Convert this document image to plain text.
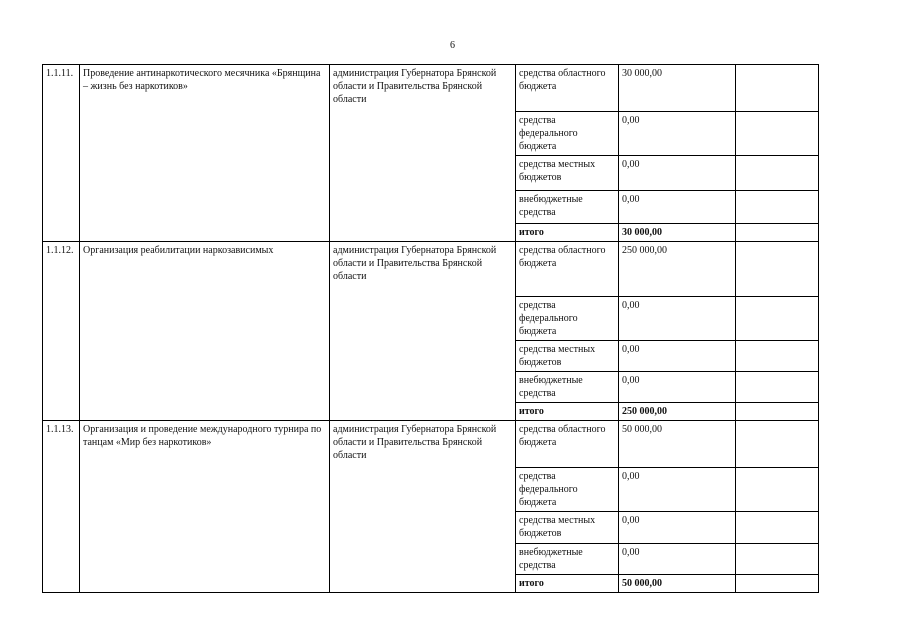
6
1.1.11.	Проведение антинаркотического месячника «Брянщина – жизнь без наркотиков»	администрация Губернатора Брянской области и Правительства Брянской области	средства областного бюджета	30 000,00	
			средства федерального бюджета	0,00	
			средства местных бюджетов	0,00	
			внебюджетные средства	0,00	
			итого	30 000,00	
1.1.12.	Организация реабилитации наркозависимых	администрация Губернатора Брянской области и Правительства Брянской области	средства областного бюджета	250 000,00	
			средства федерального бюджета	0,00	
			средства местных бюджетов	0,00	
			внебюджетные средства	0,00	
			итого	250 000,00	
1.1.13.	Организация и проведение международного турнира по танцам «Мир без наркотиков»	администрация Губернатора Брянской области и Правительства Брянской области	средства областного бюджета	50 000,00	
			средства федерального бюджета	0,00	
			средства местных бюджетов	0,00	
			внебюджетные средства	0,00	
			итого	50 000,00	
